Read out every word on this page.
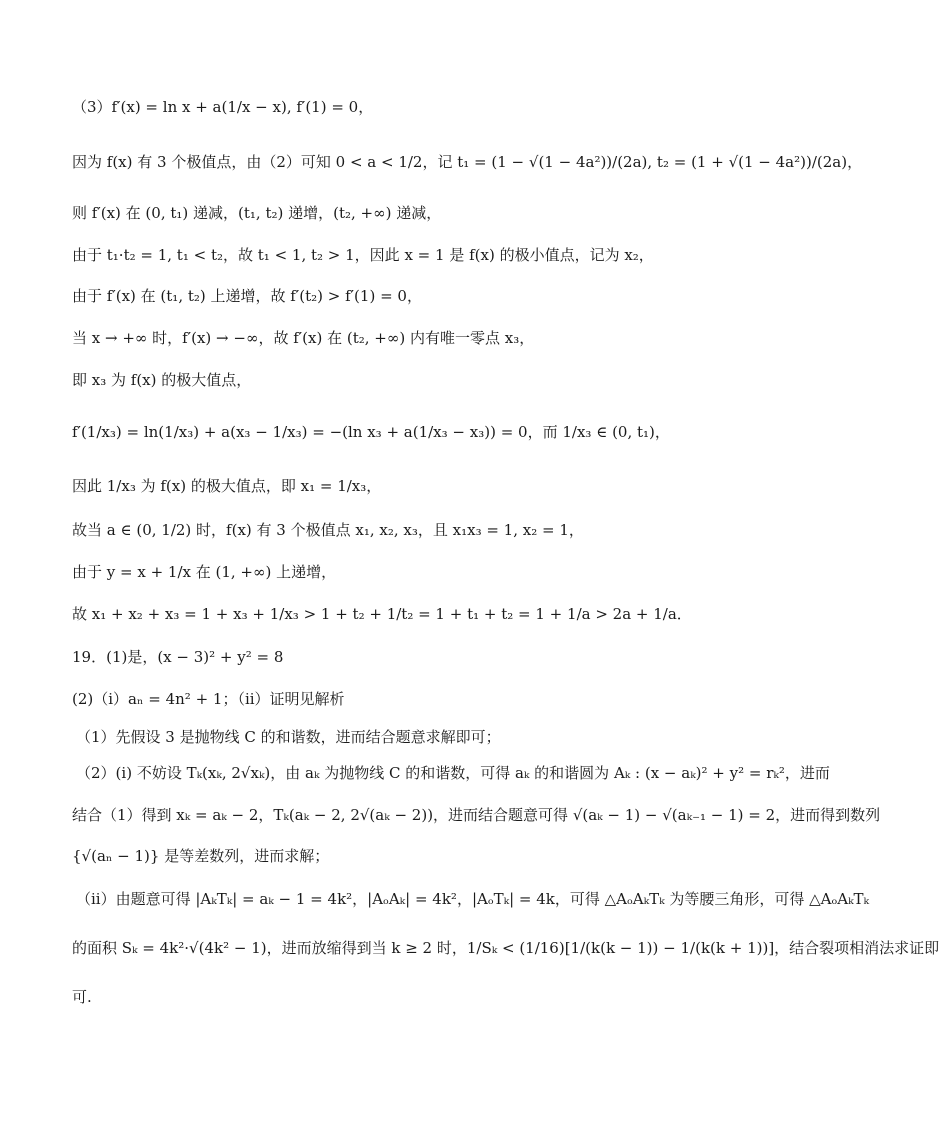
（3）f′(x) = ln x + a(1/x − x), f′(1) = 0，
因为 f(x) 有 3 个极值点，由（2）可知 0 < a < 1/2，记 t₁ = (1 − √(1 − 4a²))/(2a), t₂ = (1 + √(1 − 4a²))/(2a)，
则 f′(x) 在 (0, t₁) 递减，(t₁, t₂) 递增，(t₂, +∞) 递减，
由于 t₁·t₂ = 1, t₁ < t₂，故 t₁ < 1, t₂ > 1，因此 x = 1 是 f(x) 的极小值点，记为 x₂，
由于 f′(x) 在 (t₁, t₂) 上递增，故 f′(t₂) > f′(1) = 0，
当 x → +∞ 时，f′(x) → −∞，故 f′(x) 在 (t₂, +∞) 内有唯一零点 x₃，
即 x₃ 为 f(x) 的极大值点，
f′(1/x₃) = ln(1/x₃) + a(x₃ − 1/x₃) = −(ln x₃ + a(1/x₃ − x₃)) = 0，而 1/x₃ ∈ (0, t₁)，
因此 1/x₃ 为 f(x) 的极大值点，即 x₁ = 1/x₃，
故当 a ∈ (0, 1/2) 时，f(x) 有 3 个极值点 x₁, x₂, x₃，且 x₁x₃ = 1, x₂ = 1，
由于 y = x + 1/x 在 (1, +∞) 上递增，
故 x₁ + x₂ + x₃ = 1 + x₃ + 1/x₃ > 1 + t₂ + 1/t₂ = 1 + t₁ + t₂ = 1 + 1/a > 2a + 1/a．
19．(1)是，(x − 3)² + y² = 8
(2)（i）aₙ = 4n² + 1；（ii）证明见解析
（1）先假设 3 是抛物线 C 的和谐数，进而结合题意求解即可；
（2）(i) 不妨设 Tₖ(xₖ, 2√xₖ)，由 aₖ 为抛物线 C 的和谐数，可得 aₖ 的和谐圆为 Aₖ : (x − aₖ)² + y² = rₖ²，进而
结合（1）得到 xₖ = aₖ − 2，Tₖ(aₖ − 2, 2√(aₖ − 2))，进而结合题意可得 √(aₖ − 1) − √(aₖ₋₁ − 1) = 2，进而得到数列
{√(aₙ − 1)} 是等差数列，进而求解；
（ii）由题意可得 |AₖTₖ| = aₖ − 1 = 4k²，|AₒAₖ| = 4k²，|AₒTₖ| = 4k，可得 △AₒAₖTₖ 为等腰三角形，可得 △AₒAₖTₖ
的面积 Sₖ = 4k²·√(4k² − 1)，进而放缩得到当 k ≥ 2 时，1/Sₖ < (1/16)[1/(k(k − 1)) − 1/(k(k + 1))]，结合裂项相消法求证即
可.
